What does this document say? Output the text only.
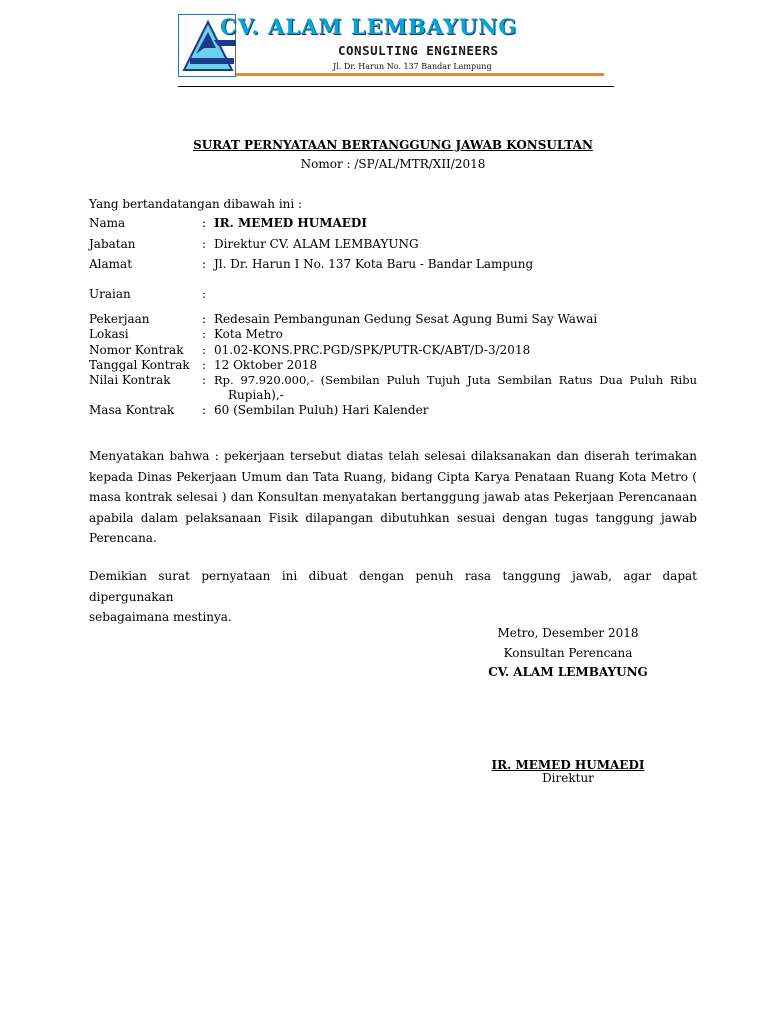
CV. ALAM LEMBAYUNG
CONSULTING ENGINEERS
Jl. Dr. Harun No. 137 Bandar Lampung
SURAT PERNYATAAN BERTANGGUNG JAWAB KONSULTAN
Nomor : /SP/AL/MTR/XII/2018
Yang bertandatangan dibawah ini :
Nama	: IR. MEMED HUMAEDI
Jabatan	: Direktur CV. ALAM LEMBAYUNG
Alamat	: Jl. Dr. Harun I No. 137 Kota Baru - Bandar Lampung
Uraian	:
Pekerjaan	: Redesain Pembangunan Gedung Sesat Agung Bumi Say Wawai
Lokasi	: Kota Metro
Nomor Kontrak : 01.02-KONS.PRC.PGD/SPK/PUTR-CK/ABT/D-3/2018
Tanggal Kontrak : 12 Oktober 2018
Nilai Kontrak	: Rp. 97.920.000,- (Sembilan Puluh Tujuh Juta Sembilan Ratus Dua Puluh Ribu
Rupiah),-
Masa Kontrak : 60 (Sembilan Puluh) Hari Kalender
Menyatakan bahwa : pekerjaan tersebut diatas telah selesai dilaksanakan dan diserah terimakan
kepada Dinas Pekerjaan Umum dan Tata Ruang, bidang Cipta Karya Penataan Ruang Kota Metro (
masa kontrak selesai ) dan Konsultan menyatakan bertanggung jawab atas Pekerjaan Perencanaan
apabila dalam pelaksanaan Fisik dilapangan dibutuhkan sesuai dengan tugas tanggung jawab
Perencana.
Demikian surat pernyataan ini dibuat dengan penuh rasa tanggung jawab, agar dapat dipergunakan
sebagaimana mestinya.
Metro, Desember 2018
Konsultan Perencana
CV. ALAM LEMBAYUNG
IR. MEMED HUMAEDI
Direktur
